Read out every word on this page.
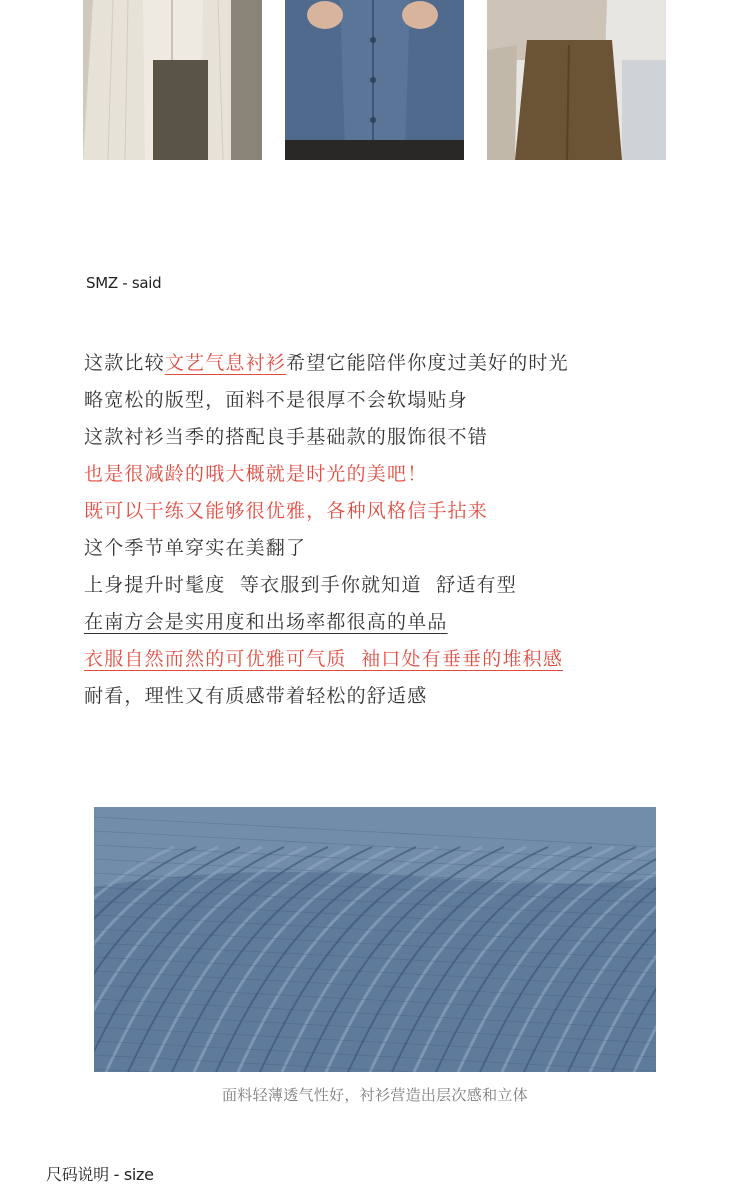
SMZ - said
这款比较文艺气息衬衫希望它能陪伴你度过美好的时光
略宽松的版型，面料不是很厚不会软塌贴身
这款衬衫当季的搭配良手基础款的服饰很不错
也是很减龄的哦大概就是时光的美吧！
既可以干练又能够很优雅，各种风格信手拈来
这个季节单穿实在美翻了
上身提升时髦度  等衣服到手你就知道  舒适有型
在南方会是实用度和出场率都很高的单品
衣服自然而然的可优雅可气质  袖口处有垂垂的堆积感
耐看，理性又有质感带着轻松的舒适感
面料轻薄透气性好，衬衫营造出层次感和立体
尺码说明 - size
